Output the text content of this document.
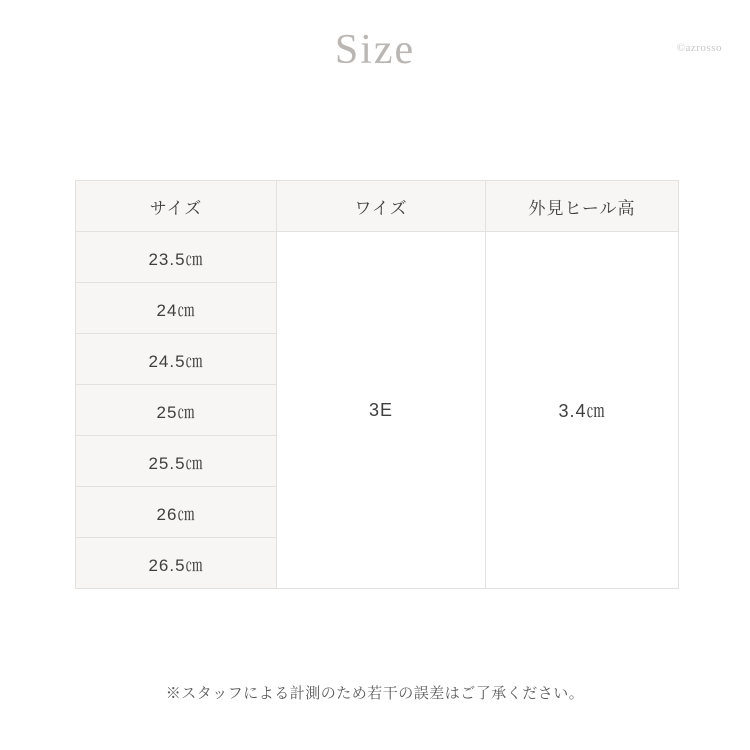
Size	©azrosso
サイズ	ワイズ	外見ヒール高
23.5㎝	3E	3.4㎝
24㎝		
24.5㎝		
25㎝		
25.5㎝		
26㎝		
26.5㎝		
※スタッフによる計測のため若干の誤差はご了承ください。
